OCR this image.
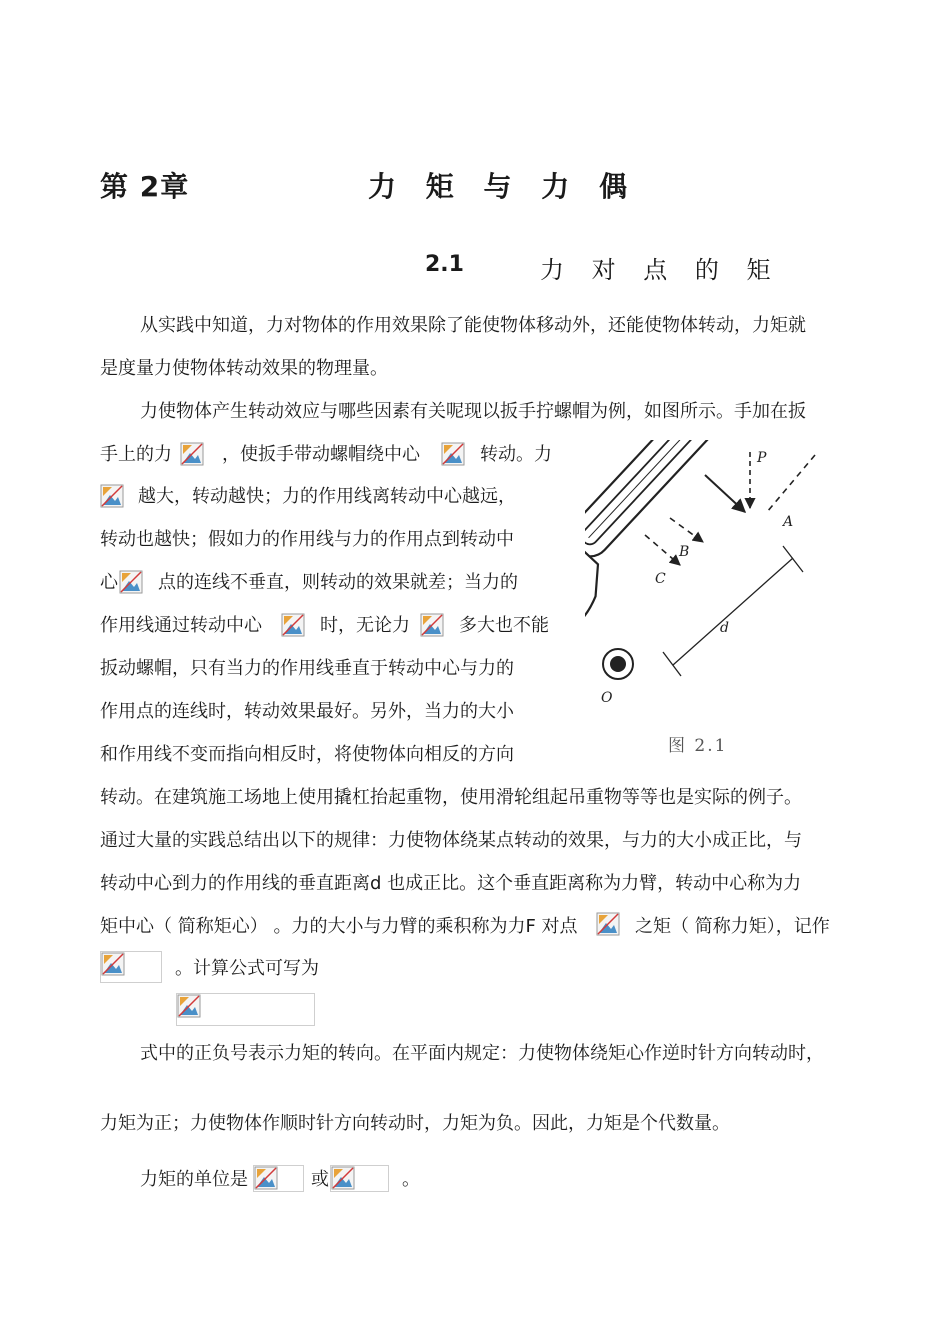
第 2章	力 矩 与 力 偶
2.1	力 对 点 的 矩
从实践中知道，力对物体的作用效果除了能使物体移动外，还能使物体转动，力矩就
是度量力使物体转动效果的物理量。
力使物体产生转动效应与哪些因素有关呢现以扳手拧螺帽为例，如图所示。手加在扳
手上的力	，使扳手带动螺帽绕中心	转动。力
越大，转动越快；力的作用线离转动中心越远，
转动也越快；假如力的作用线与力的作用点到转动中
心 点的连线不垂直，则转动的效果就差；当力的
作用线通过转动中心	时，无论力	多大也不能
扳动螺帽，只有当力的作用线垂直于转动中心与力的
作用点的连线时，转动效果最好。另外，当力的大小
和作用线不变而指向相反时，将使物体向相反的方向
转动。在建筑施工场地上使用撬杠抬起重物，使用滑轮组起吊重物等等也是实际的例子。
通过大量的实践总结出以下的规律：力使物体绕某点转动的效果，与力的大小成正比，与
转动中心到力的作用线的垂直距离d 也成正比。这个垂直距离称为力臂，转动中心称为力
矩中心（ 简称矩心） 。力的大小与力臂的乘积称为力F 对点	之矩（ 简称力矩），记作
。计算公式可写为
式中的正负号表示力矩的转向。在平面内规定：力使物体绕矩心作逆时针方向转动时，
力矩为正；力使物体作顺时针方向转动时，力矩为负。因此，力矩是个代数量。
力矩的单位是	或	。
P
A
B
C
d
O
图 2.1
